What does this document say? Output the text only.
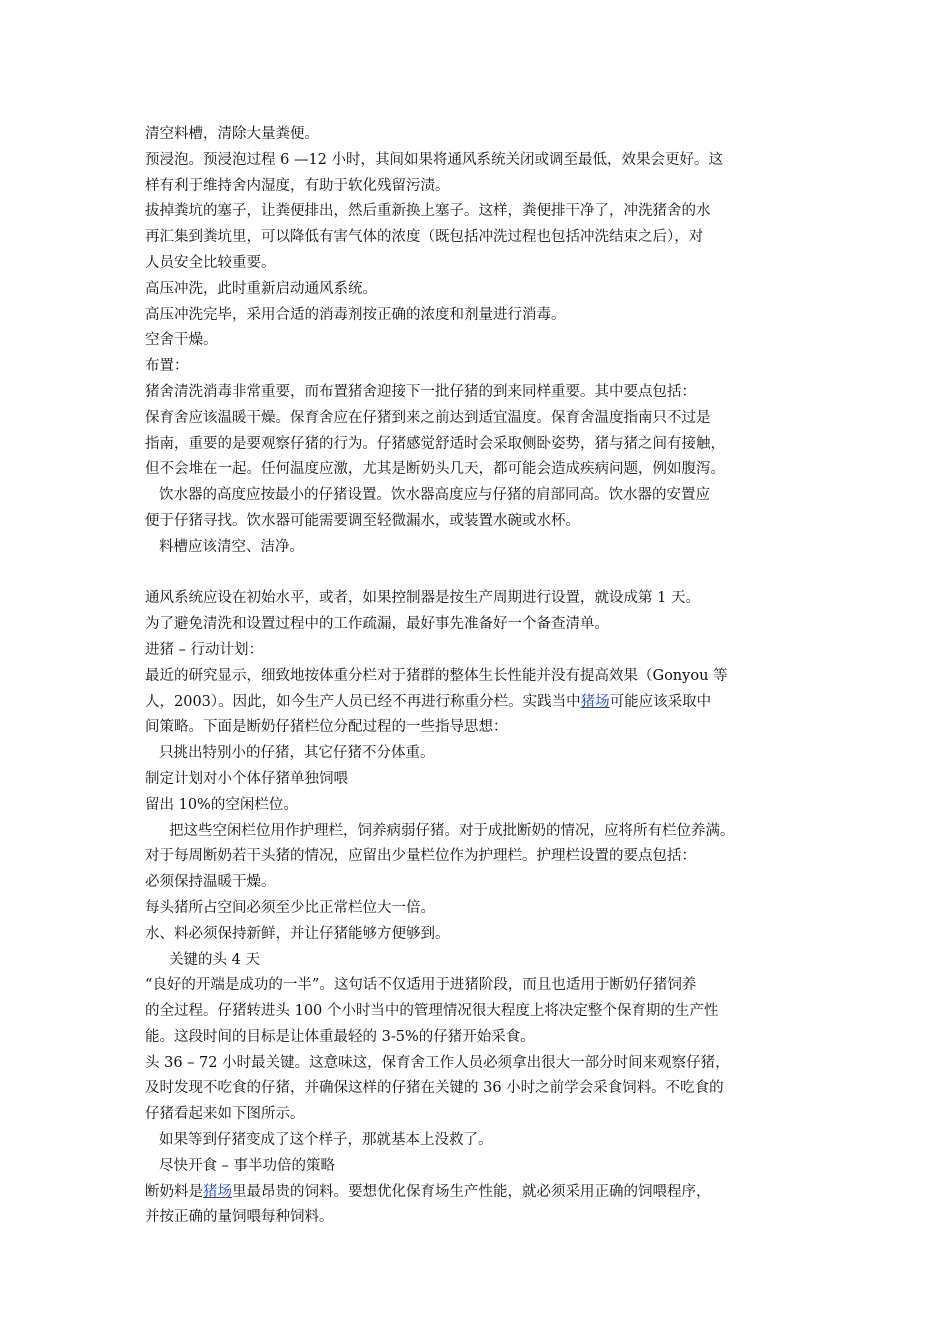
清空料槽，清除大量粪便。
预浸泡。预浸泡过程 6 —12 小时，其间如果将通风系统关闭或调至最低，效果会更好。这
样有利于维持舍内湿度，有助于软化残留污渍。
拔掉粪坑的塞子，让粪便排出，然后重新换上塞子。这样，粪便排干净了，冲洗猪舍的水
再汇集到粪坑里，可以降低有害气体的浓度（既包括冲洗过程也包括冲洗结束之后），对
人员安全比较重要。
高压冲洗，此时重新启动通风系统。
高压冲洗完毕，采用合适的消毒剂按正确的浓度和剂量进行消毒。
空舍干燥。
布置：
猪舍清洗消毒非常重要，而布置猪舍迎接下一批仔猪的到来同样重要。其中要点包括：
保育舍应该温暖干燥。保育舍应在仔猪到来之前达到适宜温度。保育舍温度指南只不过是
指南，重要的是要观察仔猪的行为。仔猪感觉舒适时会采取侧卧姿势，猪与猪之间有接触，
但不会堆在一起。任何温度应激，尤其是断奶头几天，都可能会造成疾病问题，例如腹泻。
饮水器的高度应按最小的仔猪设置。饮水器高度应与仔猪的肩部同高。饮水器的安置应
便于仔猪寻找。饮水器可能需要调至轻微漏水，或装置水碗或水杯。
料槽应该清空、洁净。
通风系统应设在初始水平，或者，如果控制器是按生产周期进行设置，就设成第 1 天。
为了避免清洗和设置过程中的工作疏漏，最好事先准备好一个备查清单。
进猪 – 行动计划：
最近的研究显示，细致地按体重分栏对于猪群的整体生长性能并没有提高效果（Gonyou 等
人，2003）。因此，如今生产人员已经不再进行称重分栏。实践当中猪场可能应该采取中
间策略。下面是断奶仔猪栏位分配过程的一些指导思想：
只挑出特别小的仔猪，其它仔猪不分体重。
制定计划对小个体仔猪单独饲喂
留出 10%的空闲栏位。
把这些空闲栏位用作护理栏，饲养病弱仔猪。对于成批断奶的情况，应将所有栏位养满。
对于每周断奶若干头猪的情况，应留出少量栏位作为护理栏。护理栏设置的要点包括：
必须保持温暖干燥。
每头猪所占空间必须至少比正常栏位大一倍。
水、料必须保持新鲜，并让仔猪能够方便够到。
关键的头 4 天
“良好的开端是成功的一半”。这句话不仅适用于进猪阶段，而且也适用于断奶仔猪饲养
的全过程。仔猪转进头 100 个小时当中的管理情况很大程度上将决定整个保育期的生产性
能。这段时间的目标是让体重最轻的 3-5%的仔猪开始采食。
头 36 – 72 小时最关键。这意味这，保育舍工作人员必须拿出很大一部分时间来观察仔猪，
及时发现不吃食的仔猪，并确保这样的仔猪在关键的 36 小时之前学会采食饲料。不吃食的
仔猪看起来如下图所示。
如果等到仔猪变成了这个样子，那就基本上没救了。
尽快开食 – 事半功倍的策略
断奶料是猪场里最昂贵的饲料。要想优化保育场生产性能，就必须采用正确的饲喂程序，
并按正确的量饲喂每种饲料。
